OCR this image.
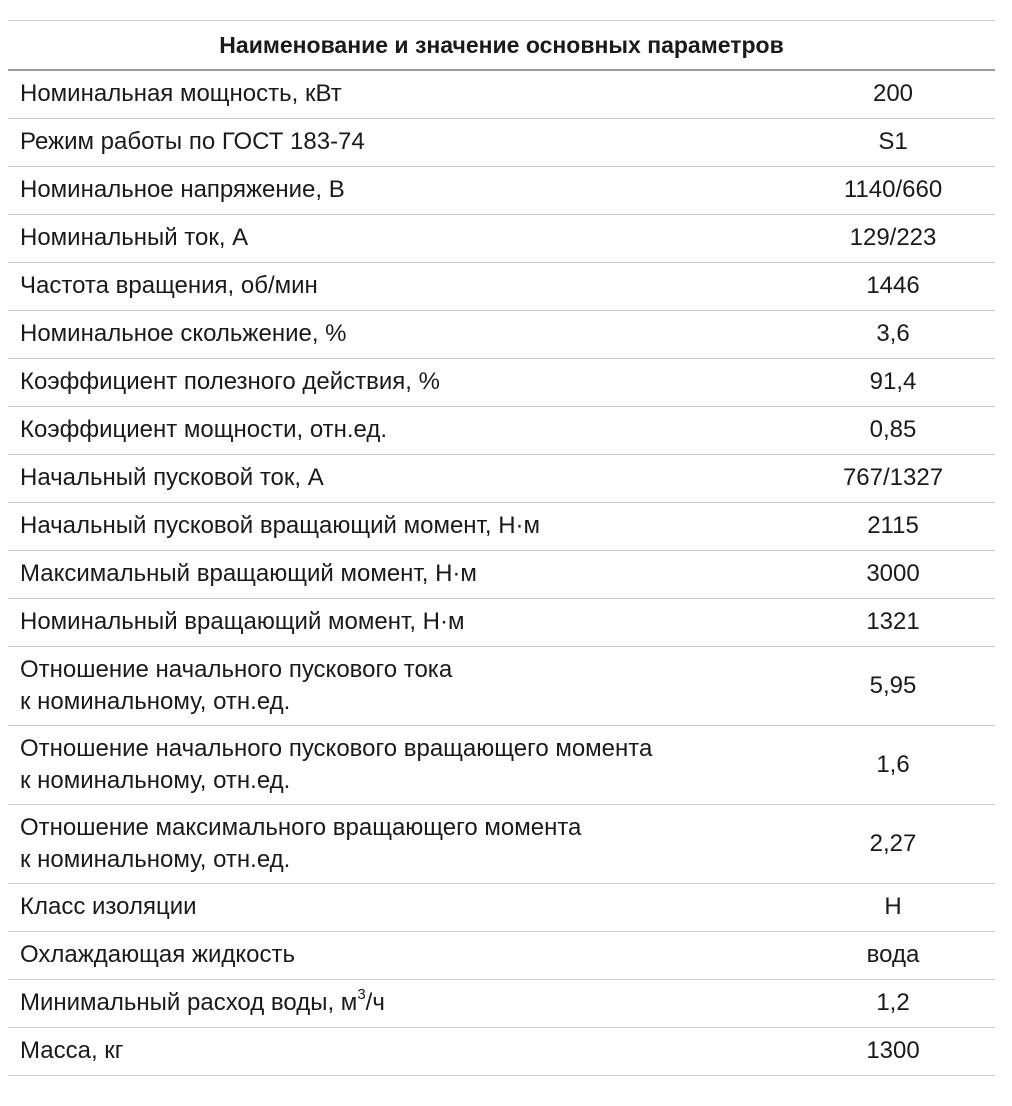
Наименование и значение основных параметров	
Номинальная мощность, кВт	200
Режим работы по ГОСТ 183-74	S1
Номинальное напряжение, В	1140/660
Номинальный ток, А	129/223
Частота вращения, об/мин	1446
Номинальное скольжение, %	3,6
Коэффициент полезного действия, %	91,4
Коэффициент мощности, отн.ед.	0,85
Начальный пусковой ток, А	767/1327
Начальный пусковой вращающий момент, Н·м	2115
Максимальный вращающий момент, Н·м	3000
Номинальный вращающий момент, Н·м	1321

Отношение начального пускового тока
к номинальному, отн.ед.	5,95

Отношение начального пускового вращающего момента
к номинальному, отн.ед.	1,6

Отношение максимального вращающего момента
к номинальному, отн.ед.	2,27
Класс изоляции	Н
Охлаждающая жидкость	вода
Минимальный расход воды, $м^3/ч$	1,2
Масса, кг	1300
